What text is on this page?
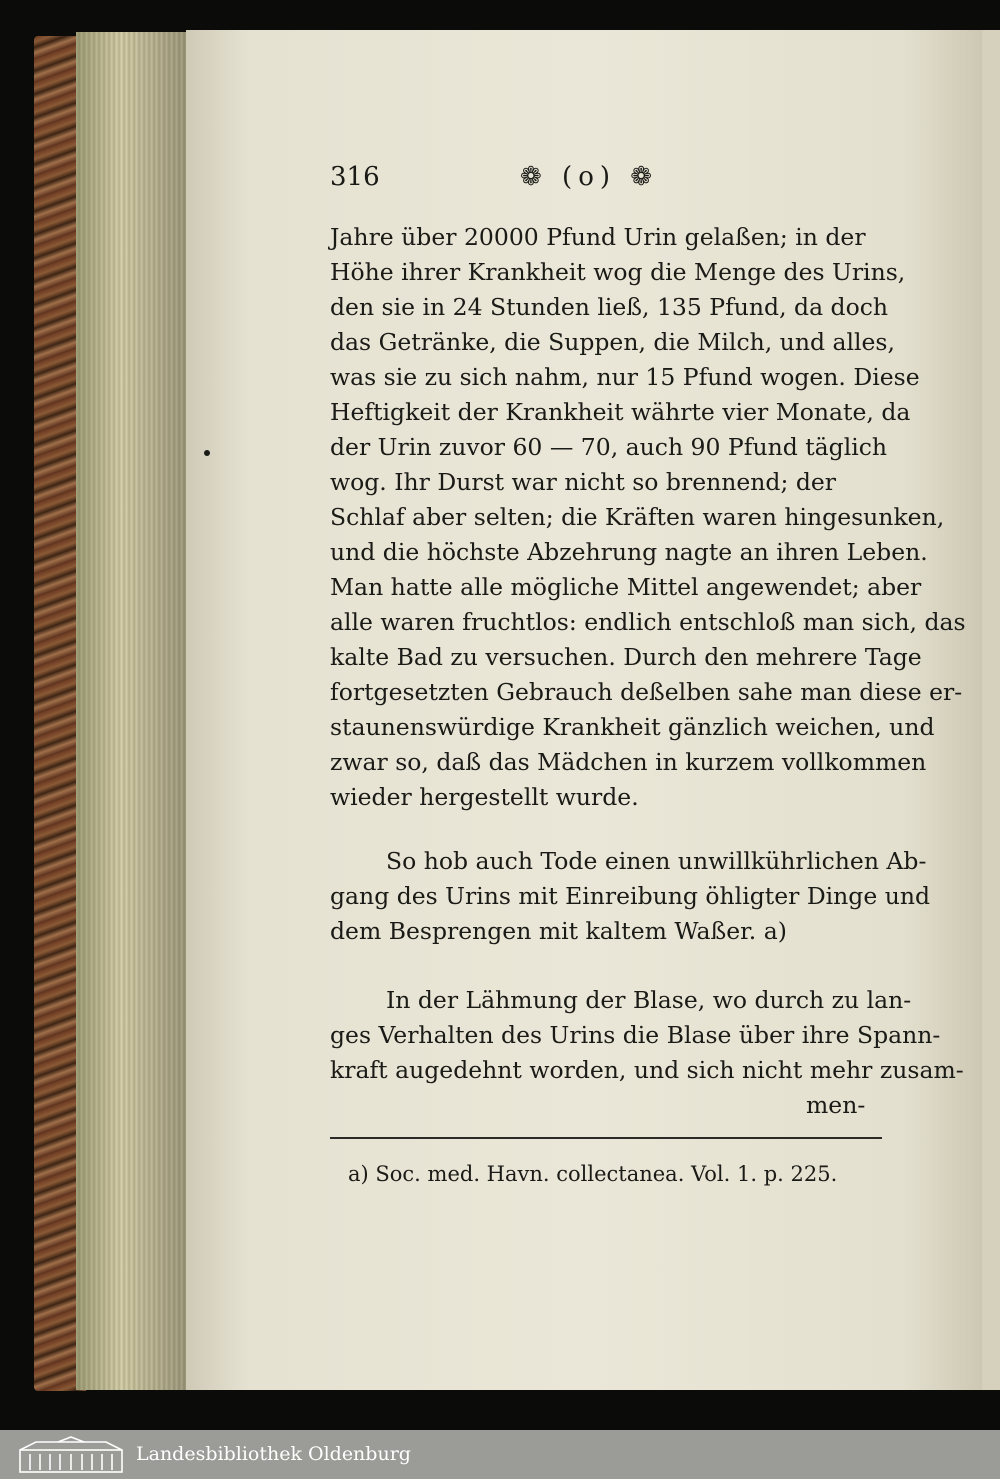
316	❁ (o) ❁
Jahre über 20000 Pfund Urin gelaßen; in der
Höhe ihrer Krankheit wog die Menge des Urins,
den sie in 24 Stunden ließ, 135 Pfund, da doch
das Getränke, die Suppen, die Milch, und alles,
was sie zu sich nahm, nur 15 Pfund wogen. Diese
Heftigkeit der Krankheit währte vier Monate, da
der Urin zuvor 60 — 70, auch 90 Pfund täglich
wog. Ihr Durst war nicht so brennend; der
Schlaf aber selten; die Kräften waren hingesunken,
und die höchste Abzehrung nagte an ihren Leben.
Man hatte alle mögliche Mittel angewendet; aber
alle waren fruchtlos: endlich entschloß man sich, das
kalte Bad zu versuchen. Durch den mehrere Tage
fortgesetzten Gebrauch deßelben sahe man diese er-
staunenswürdige Krankheit gänzlich weichen, und
zwar so, daß das Mädchen in kurzem vollkommen
wieder hergestellt wurde.
So hob auch Tode einen unwillkührlichen Ab-
gang des Urins mit Einreibung öhligter Dinge und
dem Besprengen mit kaltem Waßer. a)
In der Lähmung der Blase, wo durch zu lan-
ges Verhalten des Urins die Blase über ihre Spann-
kraft augedehnt worden, und sich nicht mehr zusam-
men-
a) Soc. med. Havn. collectanea. Vol. 1. p. 225.
Landesbibliothek Oldenburg
